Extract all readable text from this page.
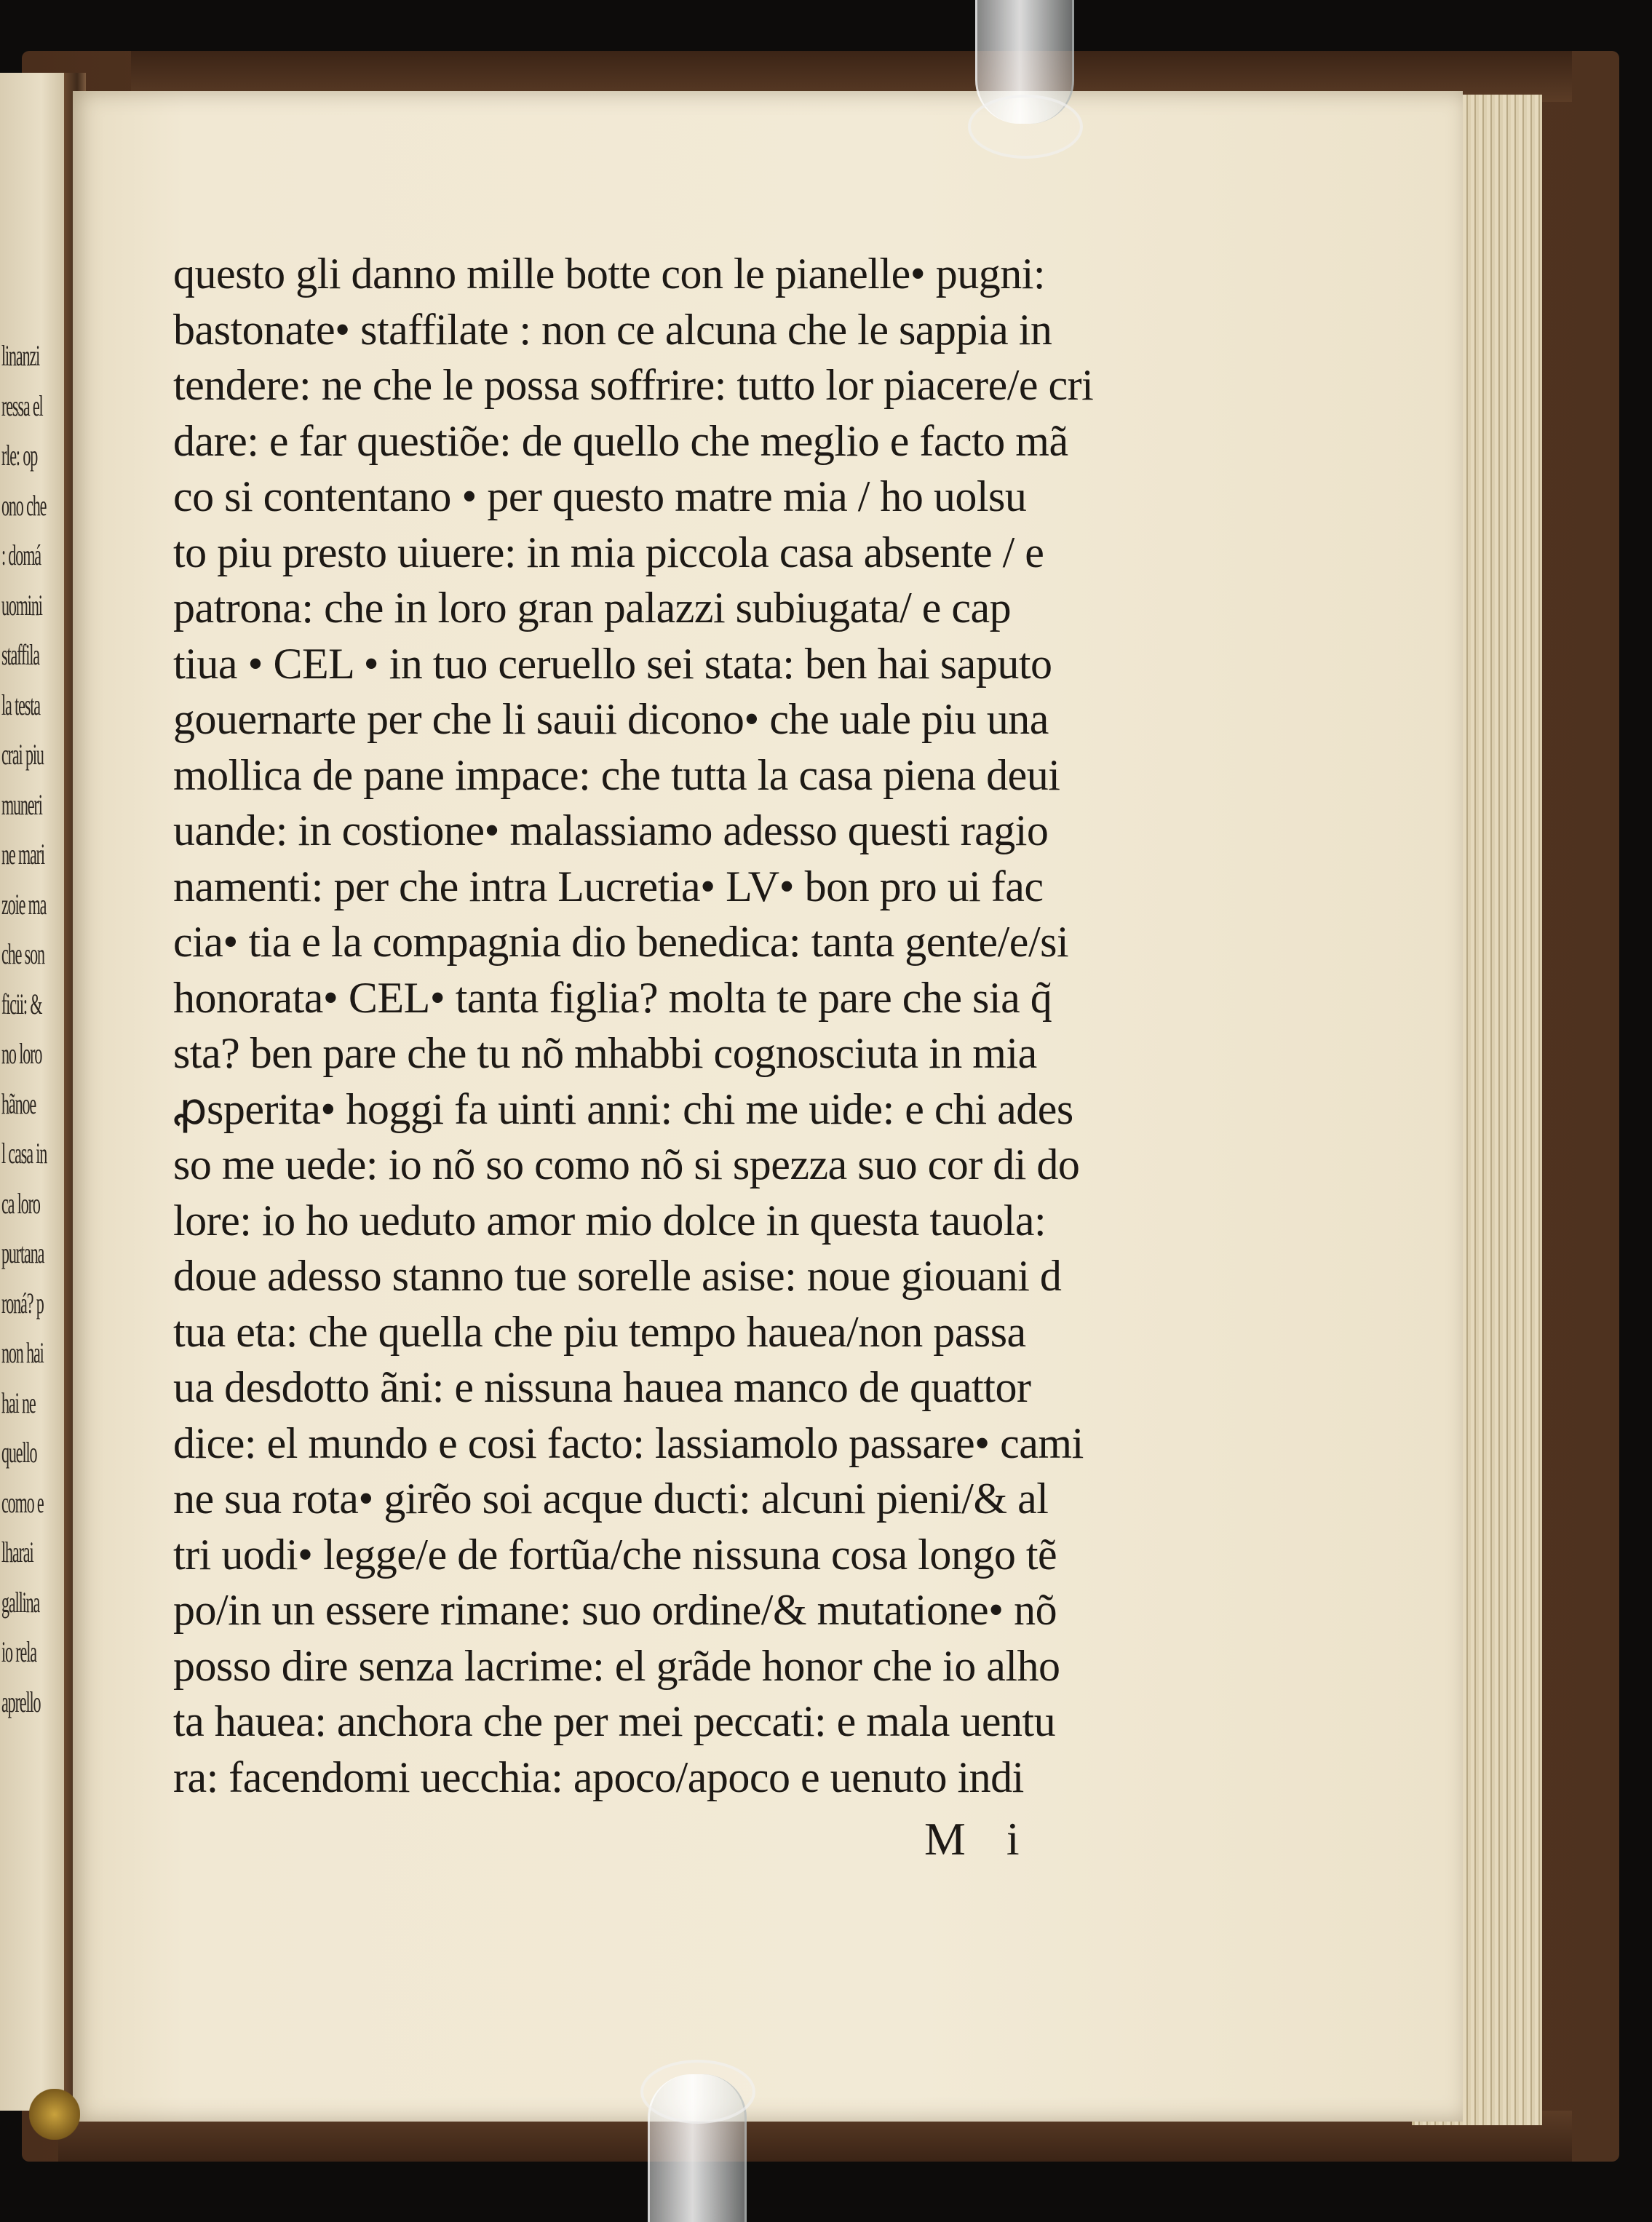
linanzi
ressa el
rle: op
ono che
: domá
uomini
staffila
la testa
crai piu
muneri
ne mari
zoie ma
che son
ficii: &
no loro
hãnoe
l casa in
ca loro
purtana
roná? p
non hai
hai ne
quello
como e
lharai
gallina
io rela
aprello
questo gli danno mille botte con le pianelle• pugni:
bastonate• staffilate : non ce alcuna che le sappia in
tendere: ne che le possa soffrire: tutto lor piacere/e cri
dare: e far questiõe: de quello che meglio e facto mã
co si contentano • per questo matre mia / ho uolsu
to piu presto uiuere: in mia piccola casa absente / e
patrona: che in loro gran palazzi subiugata/ e cap
tiua • CEL • in tuo ceruello sei stata: ben hai saputo
gouernarte per che li sauii dicono• che uale piu una
mollica de pane impace: che tutta la casa piena deui
uande: in costione• malassiamo adesso questi ragio
namenti: per che intra Lucretia• LV• bon pro ui fac
cia• tia e la compagnia dio benedica: tanta gente/e/si
honorata• CEL• tanta figlia? molta te pare che sia q̃
sta? ben pare che tu nõ mhabbi cognosciuta in mia
ꝓsperita• hoggi fa uinti anni: chi me uide: e chi ades
so me uede: io nõ so como nõ si spezza suo cor di do
lore: io ho ueduto amor mio dolce in questa tauola:
doue adesso stanno tue sorelle asise: noue giouani d
tua eta: che quella che piu tempo hauea/non passa
ua desdotto ãni: e nissuna hauea manco de quattor
dice: el mundo e cosi facto: lassiamolo passare• cami
ne sua rota• girẽo soi acque ducti: alcuni pieni/& al
tri uodi• legge/e de fortũa/che nissuna cosa longo tẽ
po/in un essere rimane: suo ordine/& mutatione• nõ
posso dire senza lacrime: el grãde honor che io alho
ta hauea: anchora che per mei peccati: e mala uentu
ra: facendomi uecchia: apoco/apoco e uenuto indi
M i
